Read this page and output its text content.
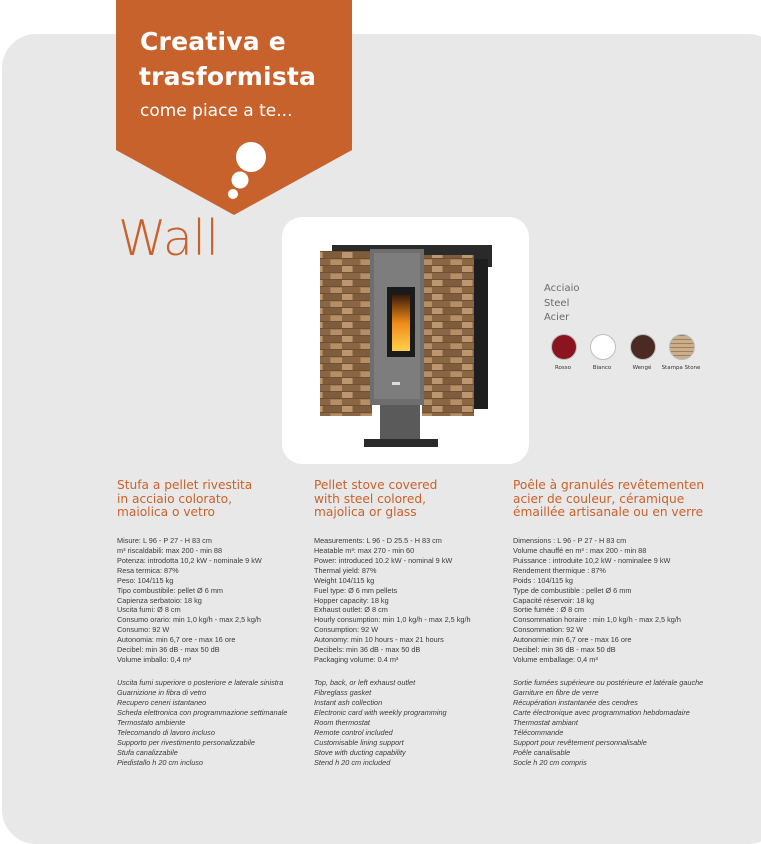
Creativa e
trasformista
come piace a te...
Wall
Acciaio
Steel
Acier
Rosso	Bianco	Wengé	Stampa Stone
Stufa a pellet rivestita
in acciaio colorato,
maiolica o vetro
Misure: L 96 - P 27 - H 83 cm
m³ riscaldabili: max 200 - min 88
Potenza: introdotta 10,2 kW - nominale 9 kW
Resa termica: 87%
Peso: 104/115 kg
Tipo combustibile: pellet Ø 6 mm
Capienza serbatoio: 18 kg
Uscita fumi: Ø 8 cm
Consumo orario: min 1,0 kg/h - max 2,5 kg/h
Consumo: 92 W
Autonomia: min 6,7 ore - max 16 ore
Decibel: min 36 dB - max 50 dB
Volume imballo: 0,4 m³
Uscita fumi superiore o posteriore e laterale sinistra
Guarnizione in fibra di vetro
Recupero ceneri istantaneo
Scheda elettronica con programmazione settimanale
Termostato ambiente
Telecomando di lavoro incluso
Supporto per rivestimento personalizzabile
Stufa canalizzabile
Piedistallo h 20 cm incluso
Pellet stove covered
with steel colored,
majolica or glass
Measurements: L 96 - D 25.5 - H 83 cm
Heatable m³: max 270 - min 60
Power: introduced 10.2 kW - nominal 9 kW
Thermal yield: 87%
Weight 104/115 kg
Fuel type: Ø 6 mm pellets
Hopper capacity: 18 kg
Exhaust outlet: Ø 8 cm
Hourly consumption: min 1,0 kg/h - max 2,5 kg/h
Consumption: 92 W
Autonomy: min 10 hours - max 21 hours
Decibels: min 36 dB - max 50 dB
Packaging volume: 0.4 m³
Top, back, or left exhaust outlet
Fibreglass gasket
Instant ash collection
Electronic card with weekly programming
Room thermostat
Remote control included
Customisable lining support
Stove with ducting capability
Stend h 20 cm included
Poêle à granulés revêtementen
acier de couleur, céramique
émaillée artisanale ou en verre
Dimensions : L 96 - P 27 - H 83 cm
Volume chauffé en m³ : max 200 - min 88
Puissance : introduite 10,2 kW - nominalee 9 kW
Rendement thermique : 87%
Poids : 104/115 kg
Type de combustible : pellet Ø 6 mm
Capacité réservoir: 18 kg
Sortie fumée : Ø 8 cm
Consommation horaire : min 1,0 kg/h - max 2,5 kg/h
Consommation: 92 W
Autonomie: min 6,7 ore - max 16 ore
Decibel: min 36 dB - max 50 dB
Volume emballage: 0,4 m³
Sortie fumées supérieure ou postérieure et latérale gauche
Garniture en fibre de verre
Récupération instantanée des cendres
Carte électronique avec programmation hebdomadaire
Thermostat ambiant
Télécommande
Support pour revêtement personnalisable
Poêle canalisable
Socle h 20 cm compris
